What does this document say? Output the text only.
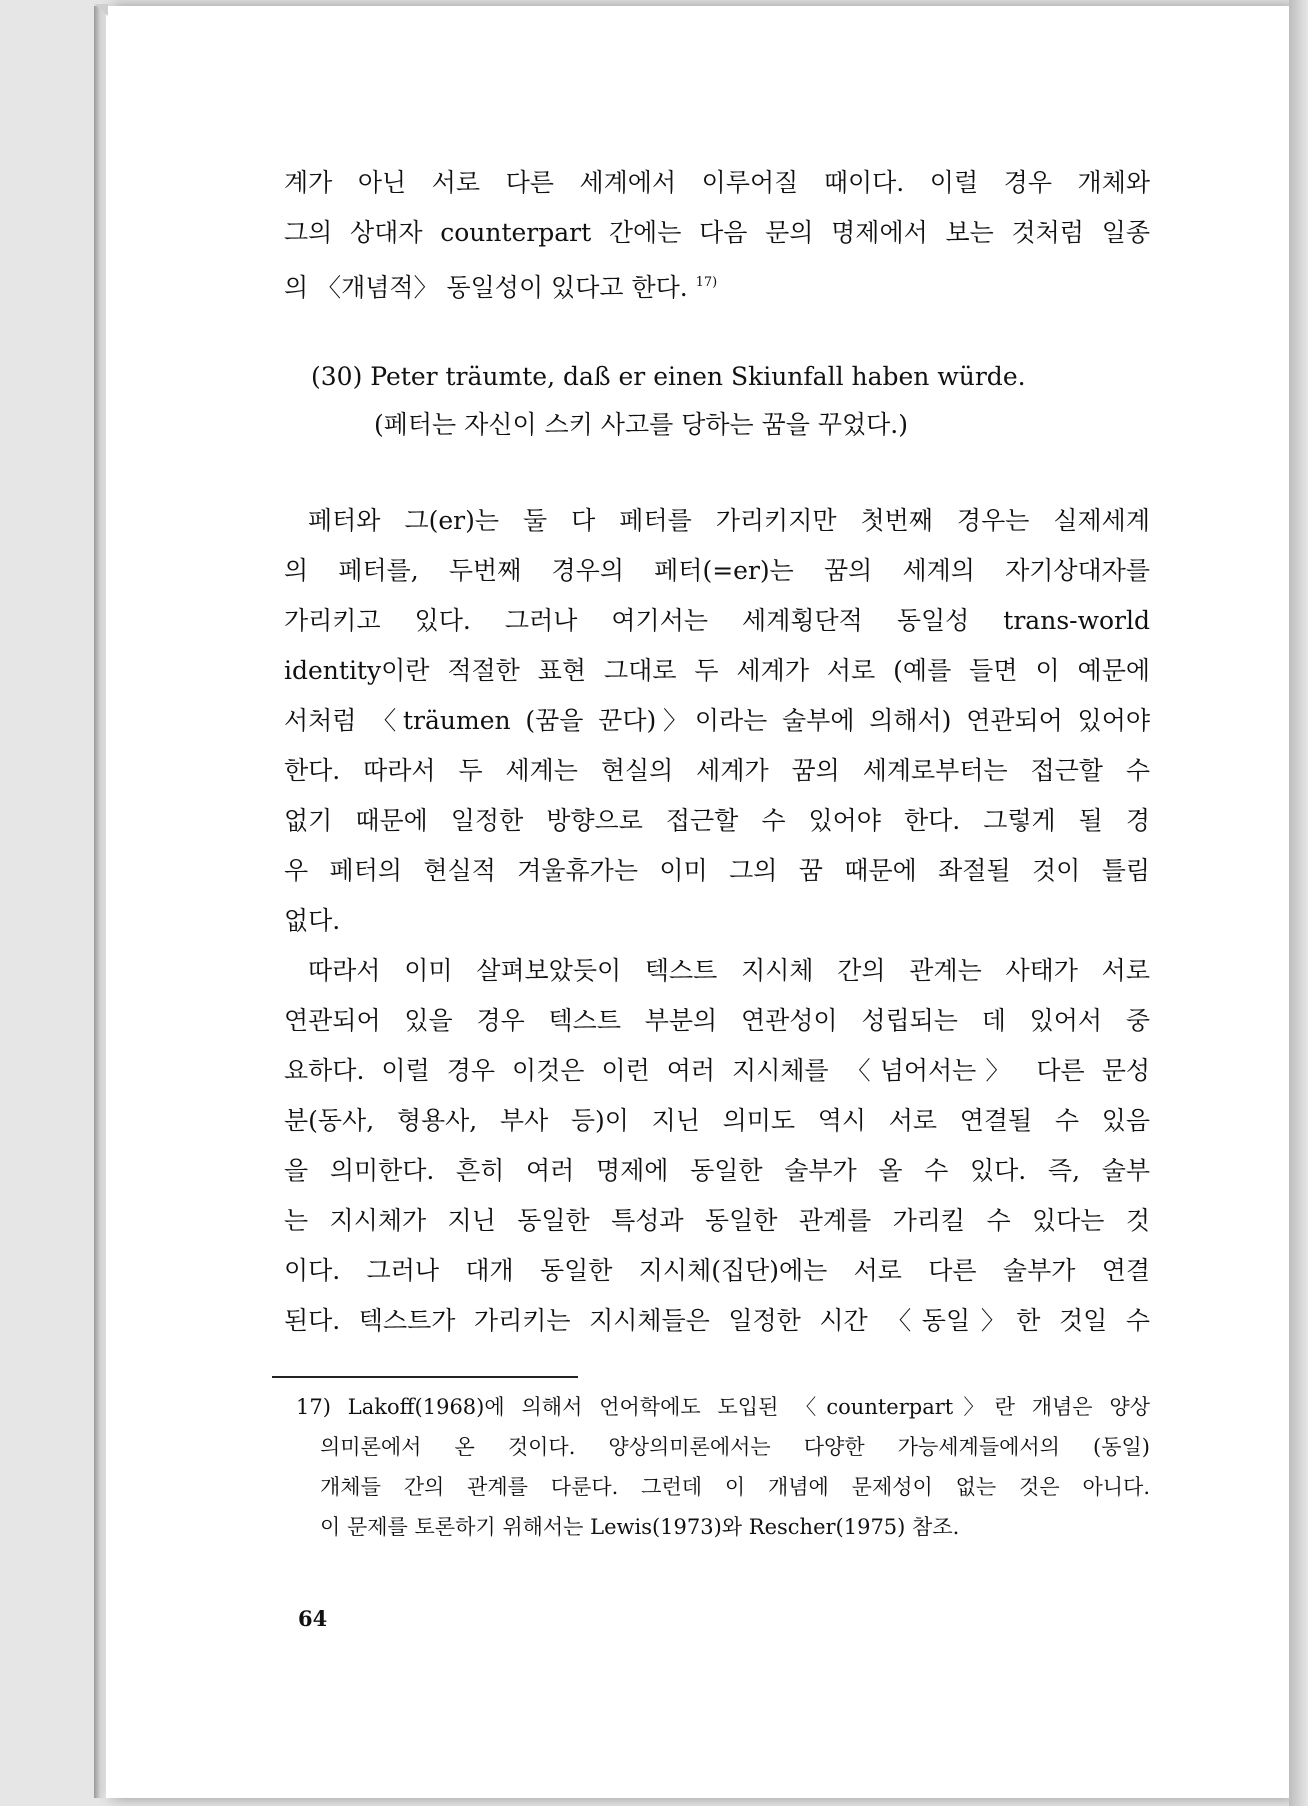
계가 아닌 서로 다른 세계에서 이루어질 때이다. 이럴 경우 개체와
그의 상대자 counterpart 간에는 다음 문의 명제에서 보는 것처럼 일종
의 〈개념적〉 동일성이 있다고 한다. $^{17)}$
(30) Peter träumte, daß er einen Skiunfall haben würde.
(페터는 자신이 스키 사고를 당하는 꿈을 꾸었다.)
페터와 그(er)는 둘 다 페터를 가리키지만 첫번째 경우는 실제세계
의 페터를, 두번째 경우의 페터(=er)는 꿈의 세계의 자기상대자를
가리키고 있다. 그러나 여기서는 세계횡단적 동일성 trans-world
identity이란 적절한 표현 그대로 두 세계가 서로 (예를 들면 이 예문에
서처럼 〈träumen (꿈을 꾼다)〉이라는 술부에 의해서) 연관되어 있어야
한다. 따라서 두 세계는 현실의 세계가 꿈의 세계로부터는 접근할 수
없기 때문에 일정한 방향으로 접근할 수 있어야 한다. 그렇게 될 경
우 페터의 현실적 겨울휴가는 이미 그의 꿈 때문에 좌절될 것이 틀림
없다.
따라서 이미 살펴보았듯이 텍스트 지시체 간의 관계는 사태가 서로
연관되어 있을 경우 텍스트 부분의 연관성이 성립되는 데 있어서 중
요하다. 이럴 경우 이것은 이런 여러 지시체를 〈넘어서는〉 다른 문성
분(동사, 형용사, 부사 등)이 지닌 의미도 역시 서로 연결될 수 있음
을 의미한다. 흔히 여러 명제에 동일한 술부가 올 수 있다. 즉, 술부
는 지시체가 지닌 동일한 특성과 동일한 관계를 가리킬 수 있다는 것
이다. 그러나 대개 동일한 지시체(집단)에는 서로 다른 술부가 연결
된다. 텍스트가 가리키는 지시체들은 일정한 시간 〈동일〉한 것일 수
17) Lakoff(1968)에 의해서 언어학에도 도입된 〈counterpart〉란 개념은 양상
의미론에서 온 것이다. 양상의미론에서는 다양한 가능세계들에서의 (동일)
개체들 간의 관계를 다룬다. 그런데 이 개념에 문제성이 없는 것은 아니다.
이 문제를 토론하기 위해서는 Lewis(1973)와 Rescher(1975) 참조.
64
